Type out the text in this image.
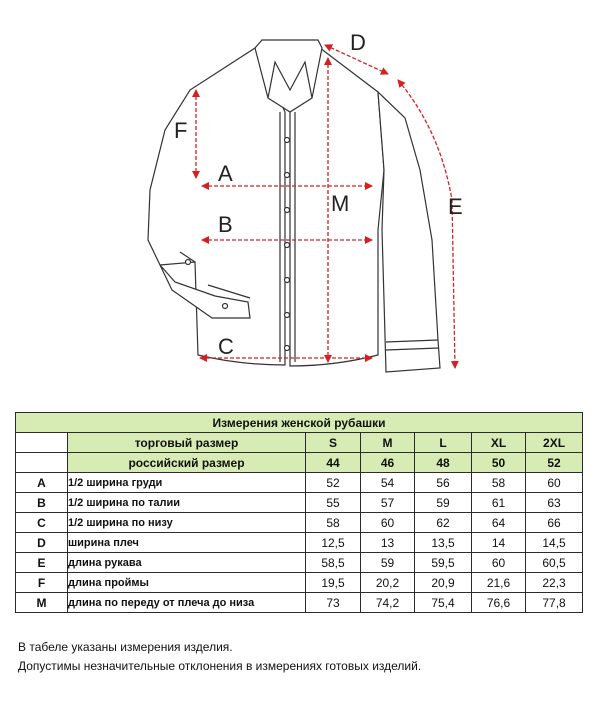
A
B
C
D
E
F
M
Измерения женской рубашки						
	торговый размер	S	M	L	XL	2XL
	российский размер	44	46	48	50	52
A	1/2 ширина груди	52	54	56	58	60
B	1/2 ширина по талии	55	57	59	61	63
C	1/2 ширина по низу	58	60	62	64	66
D	ширина плеч	12,5	13	13,5	14	14,5
E	длина рукава	58,5	59	59,5	60	60,5
F	длина проймы	19,5	20,2	20,9	21,6	22,3
M	длина по переду от плеча до низа	73	74,2	75,4	76,6	77,8
В табеле указаны измерения изделия.
Допустимы незначительные отклонения в измерениях готовых изделий.
